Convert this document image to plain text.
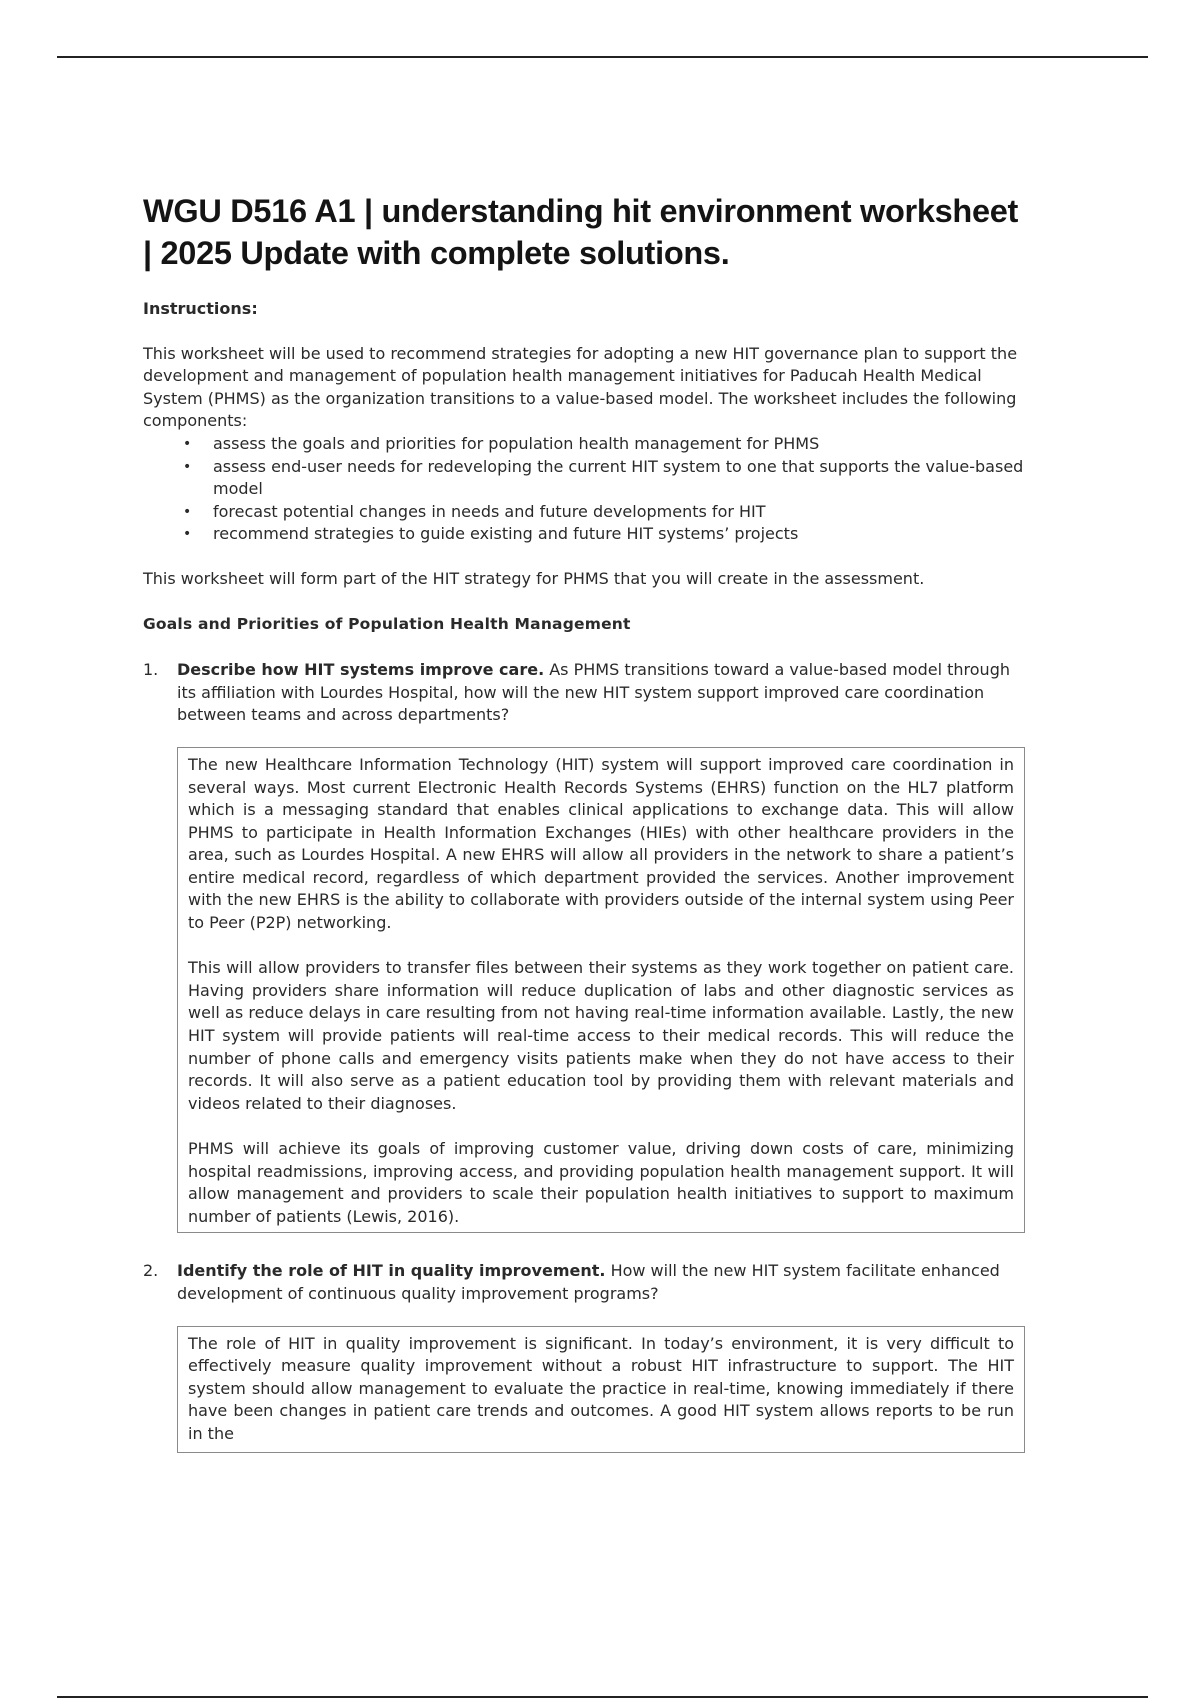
WGU D516 A1 | understanding hit environment worksheet | 2025 Update with complete solutions.

Instructions:

This worksheet will be used to recommend strategies for adopting a new HIT governance plan to support the development and management of population health management initiatives for Paducah Health Medical System (PHMS) as the organization transitions to a value-based model. The worksheet includes the following components:

• assess the goals and priorities for population health management for PHMS
• assess end-user needs for redeveloping the current HIT system to one that supports the value-based model
• forecast potential changes in needs and future developments for HIT
• recommend strategies to guide existing and future HIT systems’ projects

This worksheet will form part of the HIT strategy for PHMS that you will create in the assessment.

Goals and Priorities of Population Health Management

1. Describe how HIT systems improve care. As PHMS transitions toward a value-based model through its affiliation with Lourdes Hospital, how will the new HIT system support improved care coordination between teams and across departments?

The new Healthcare Information Technology (HIT) system will support improved care coordination in several ways. Most current Electronic Health Records Systems (EHRS) function on the HL7 platform which is a messaging standard that enables clinical applications to exchange data. This will allow PHMS to participate in Health Information Exchanges (HIEs) with other healthcare providers in the area, such as Lourdes Hospital. A new EHRS will allow all providers in the network to share a patient’s entire medical record, regardless of which department provided the services. Another improvement with the new EHRS is the ability to collaborate with providers outside of the internal system using Peer to Peer (P2P) networking.

This will allow providers to transfer files between their systems as they work together on patient care. Having providers share information will reduce duplication of labs and other diagnostic services as well as reduce delays in care resulting from not having real-time information available. Lastly, the new HIT system will provide patients will real-time access to their medical records. This will reduce the number of phone calls and emergency visits patients make when they do not have access to their records. It will also serve as a patient education tool by providing them with relevant materials and videos related to their diagnoses.

PHMS will achieve its goals of improving customer value, driving down costs of care, minimizing hospital readmissions, improving access, and providing population health management support. It will allow management and providers to scale their population health initiatives to support to maximum number of patients (Lewis, 2016).

2. Identify the role of HIT in quality improvement. How will the new HIT system facilitate enhanced development of continuous quality improvement programs?

The role of HIT in quality improvement is significant. In today’s environment, it is very difficult to effectively measure quality improvement without a robust HIT infrastructure to support. The HIT system should allow management to evaluate the practice in real-time, knowing immediately if there have been changes in patient care trends and outcomes. A good HIT system allows reports to be run in the
